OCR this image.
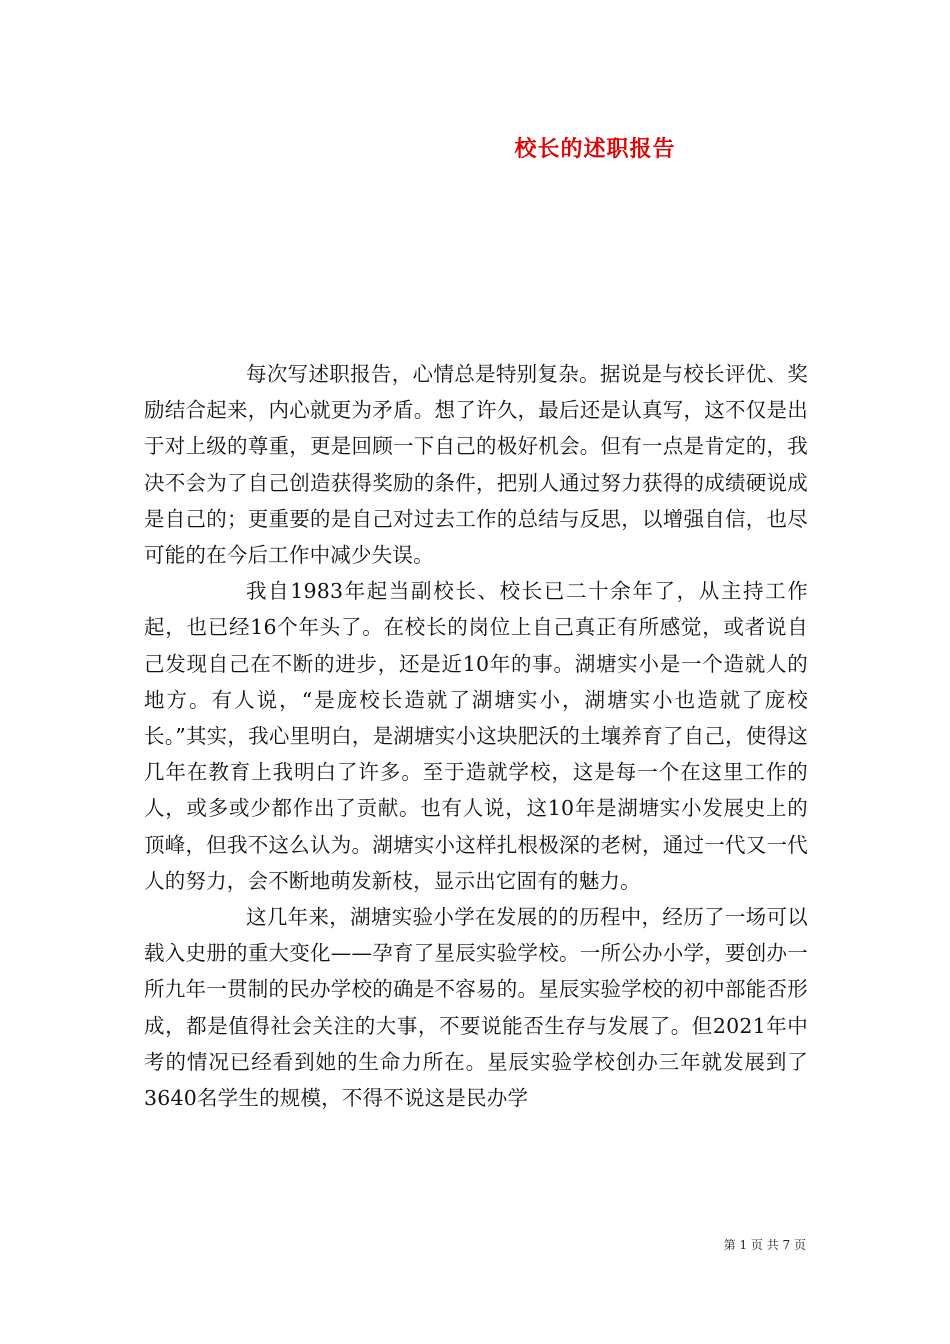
校长的述职报告

每次写述职报告，心情总是特别复杂。据说是与校长评优、奖励结合起来，内心就更为矛盾。想了许久，最后还是认真写，这不仅是出于对上级的尊重，更是回顾一下自己的极好机会。但有一点是肯定的，我决不会为了自己创造获得奖励的条件，把别人通过努力获得的成绩硬说成是自己的；更重要的是自己对过去工作的总结与反思，以增强自信，也尽可能的在今后工作中减少失误。

我自1983年起当副校长、校长已二十余年了，从主持工作起，也已经16个年头了。在校长的岗位上自己真正有所感觉，或者说自己发现自己在不断的进步，还是近10年的事。湖塘实小是一个造就人的地方。有人说，“是庞校长造就了湖塘实小，湖塘实小也造就了庞校长。”其实，我心里明白，是湖塘实小这块肥沃的土壤养育了自己，使得这几年在教育上我明白了许多。至于造就学校，这是每一个在这里工作的人，或多或少都作出了贡献。也有人说，这10年是湖塘实小发展史上的顶峰，但我不这么认为。湖塘实小这样扎根极深的老树，通过一代又一代人的努力，会不断地萌发新枝，显示出它固有的魅力。

这几年来，湖塘实验小学在发展的的历程中，经历了一场可以载入史册的重大变化——孕育了星辰实验学校。一所公办小学，要创办一所九年一贯制的民办学校的确是不容易的。星辰实验学校的初中部能否形成，都是值得社会关注的大事，不要说能否生存与发展了。但2021年中考的情况已经看到她的生命力所在。星辰实验学校创办三年就发展到了3640名学生的规模，不得不说这是民办学

第 1 页 共 7 页
